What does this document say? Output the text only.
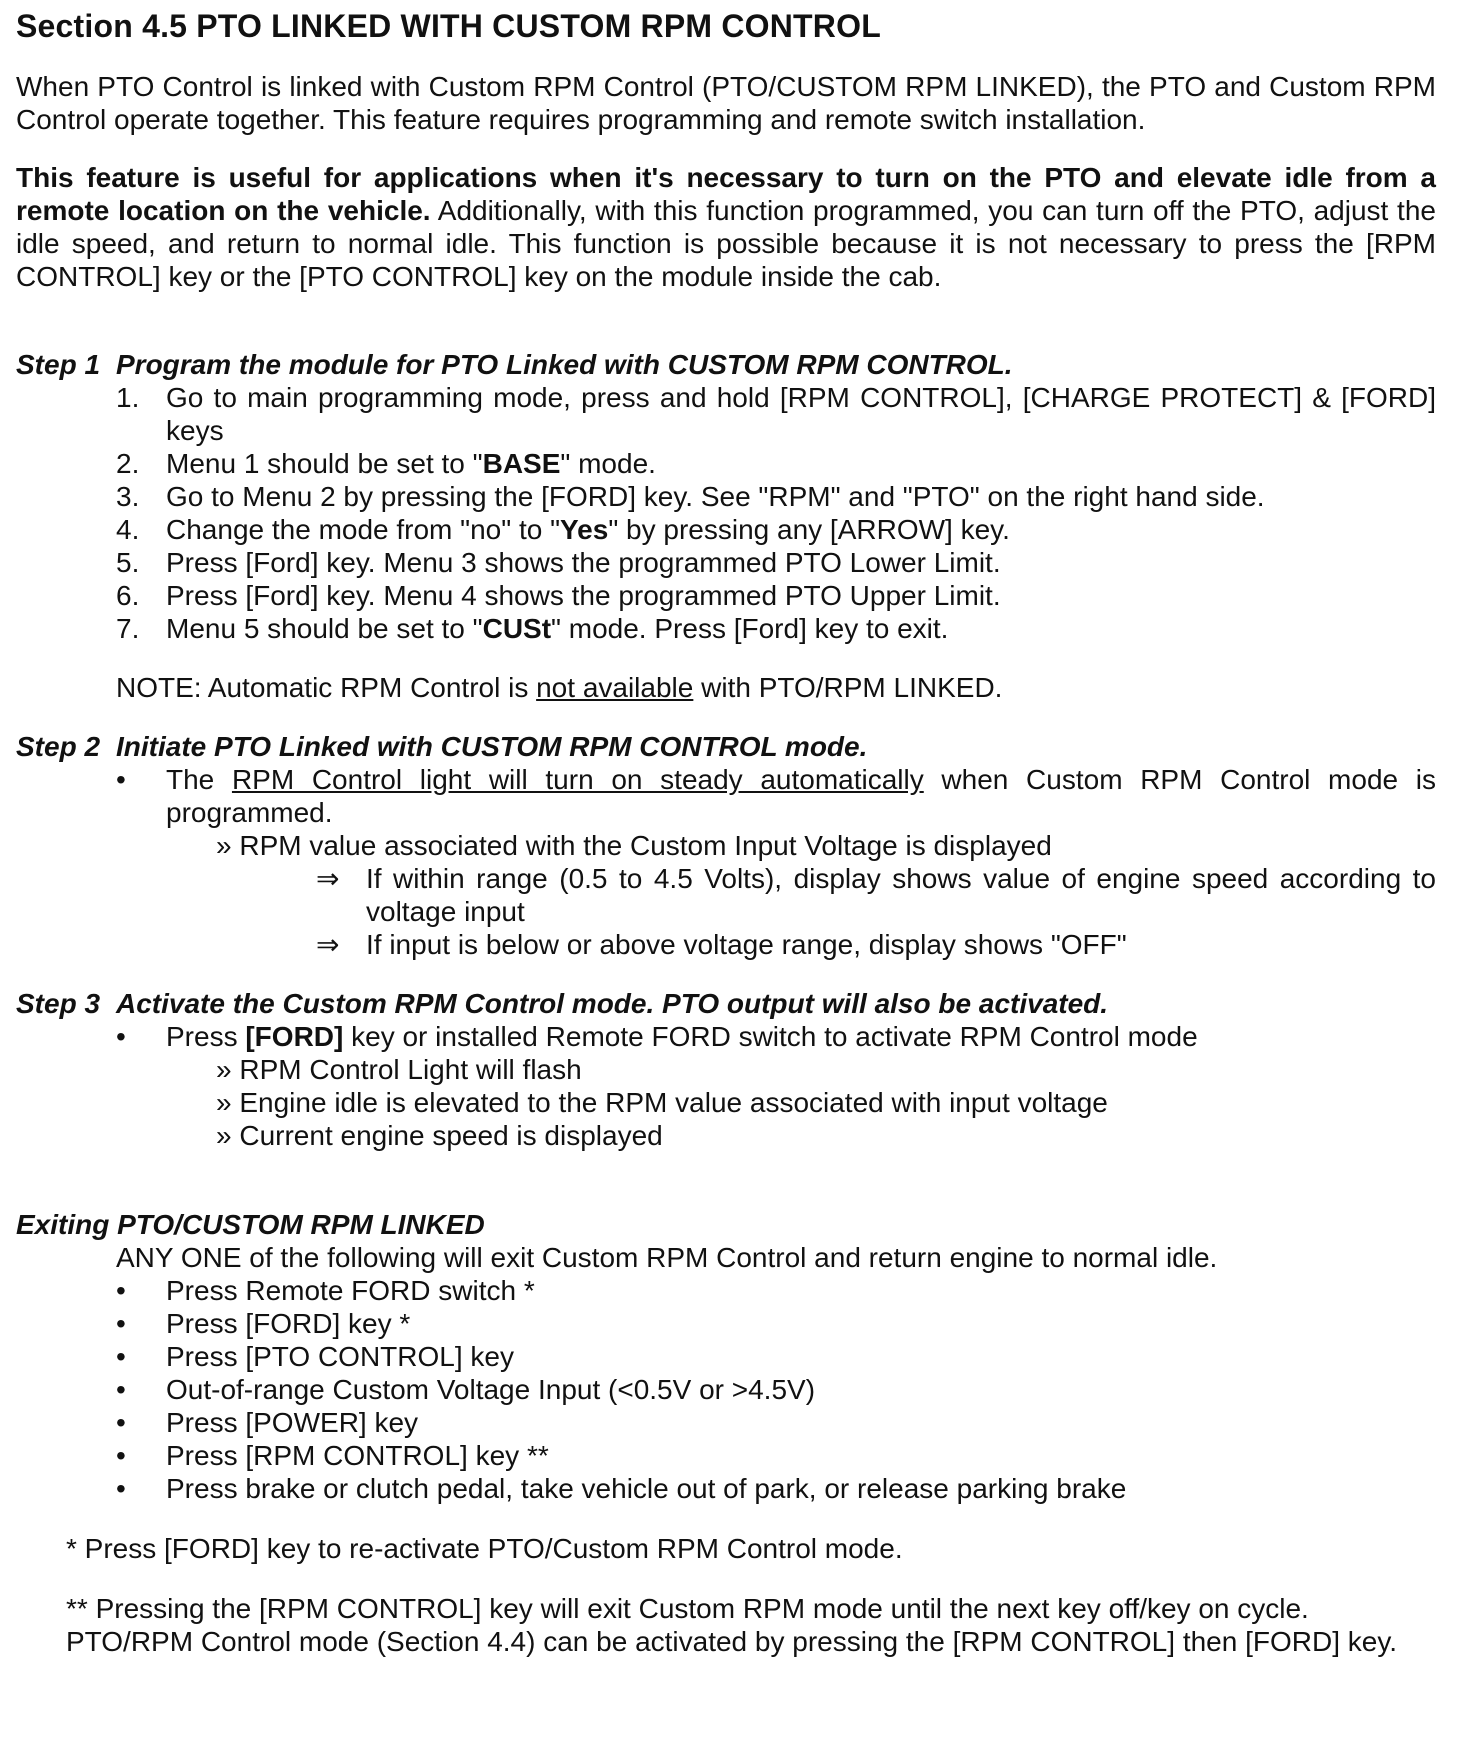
Section 4.5 PTO LINKED WITH CUSTOM RPM CONTROL

When PTO Control is linked with Custom RPM Control (PTO/CUSTOM RPM LINKED), the PTO and Custom RPM Control operate together. This feature requires programming and remote switch installation.

This feature is useful for applications when it's necessary to turn on the PTO and elevate idle from a remote location on the vehicle. Additionally, with this function programmed, you can turn off the PTO, adjust the idle speed, and return to normal idle. This function is possible because it is not necessary to press the [RPM CONTROL] key or the [PTO CONTROL] key on the module inside the cab.

Step 1 Program the module for PTO Linked with CUSTOM RPM CONTROL.

1. Go to main programming mode, press and hold [RPM CONTROL], [CHARGE PROTECT] & [FORD] keys
2. Menu 1 should be set to "BASE" mode.
3. Go to Menu 2 by pressing the [FORD] key. See "RPM" and "PTO" on the right hand side.
4. Change the mode from "no" to "Yes" by pressing any [ARROW] key.
5. Press [Ford] key. Menu 3 shows the programmed PTO Lower Limit.
6. Press [Ford] key. Menu 4 shows the programmed PTO Upper Limit.
7. Menu 5 should be set to "CUSt" mode. Press [Ford] key to exit.

NOTE: Automatic RPM Control is not available with PTO/RPM LINKED.

Step 2 Initiate PTO Linked with CUSTOM RPM CONTROL mode.

• The RPM Control light will turn on steady automatically when Custom RPM Control mode is programmed.

» RPM value associated with the Custom Input Voltage is displayed

⇒ If within range (0.5 to 4.5 Volts), display shows value of engine speed according to voltage input

⇒ If input is below or above voltage range, display shows "OFF"

Step 3 Activate the Custom RPM Control mode. PTO output will also be activated.

• Press [FORD] key or installed Remote FORD switch to activate RPM Control mode

» RPM Control Light will flash

» Engine idle is elevated to the RPM value associated with input voltage

» Current engine speed is displayed

Exiting PTO/CUSTOM RPM LINKED

ANY ONE of the following will exit Custom RPM Control and return engine to normal idle.

• Press Remote FORD switch *

• Press [FORD] key *

• Press [PTO CONTROL] key

• Out-of-range Custom Voltage Input (<0.5V or >4.5V)

• Press [POWER] key

• Press [RPM CONTROL] key **

• Press brake or clutch pedal, take vehicle out of park, or release parking brake

* Press [FORD] key to re-activate PTO/Custom RPM Control mode.

** Pressing the [RPM CONTROL] key will exit Custom RPM mode until the next key off/key on cycle.

PTO/RPM Control mode (Section 4.4) can be activated by pressing the [RPM CONTROL] then [FORD] key.
